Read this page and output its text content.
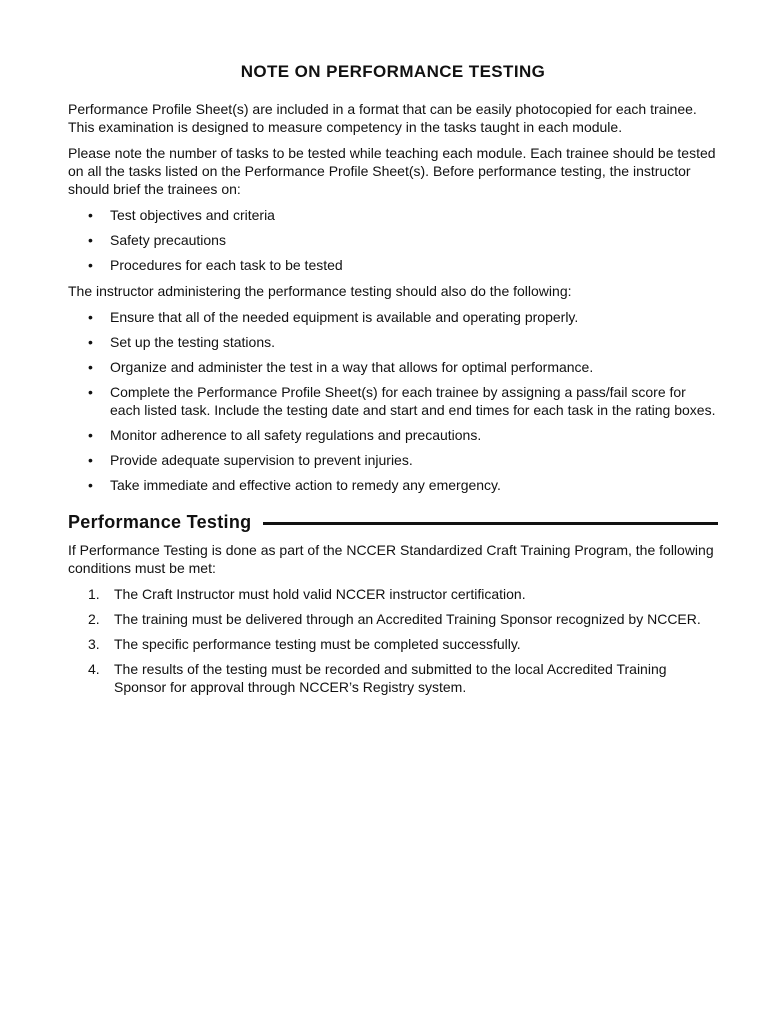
NOTE ON PERFORMANCE TESTING

Performance Profile Sheet(s) are included in a format that can be easily photocopied for each trainee. This examination is designed to measure competency in the tasks taught in each module.

Please note the number of tasks to be tested while teaching each module. Each trainee should be tested on all the tasks listed on the Performance Profile Sheet(s). Before performance testing, the instructor should brief the trainees on:

• Test objectives and criteria
• Safety precautions
• Procedures for each task to be tested

The instructor administering the performance testing should also do the following:

• Ensure that all of the needed equipment is available and operating properly.
• Set up the testing stations.
• Organize and administer the test in a way that allows for optimal performance.
• Complete the Performance Profile Sheet(s) for each trainee by assigning a pass/fail score for each listed task. Include the testing date and start and end times for each task in the rating boxes.
• Monitor adherence to all safety regulations and precautions.
• Provide adequate supervision to prevent injuries.
• Take immediate and effective action to remedy any emergency.
Performance Testing

If Performance Testing is done as part of the NCCER Standardized Craft Training Program, the following conditions must be met:

1. The Craft Instructor must hold valid NCCER instructor certification.
2. The training must be delivered through an Accredited Training Sponsor recognized by NCCER.
3. The specific performance testing must be completed successfully.
4. The results of the testing must be recorded and submitted to the local Accredited Training Sponsor for approval through NCCER’s Registry system.
